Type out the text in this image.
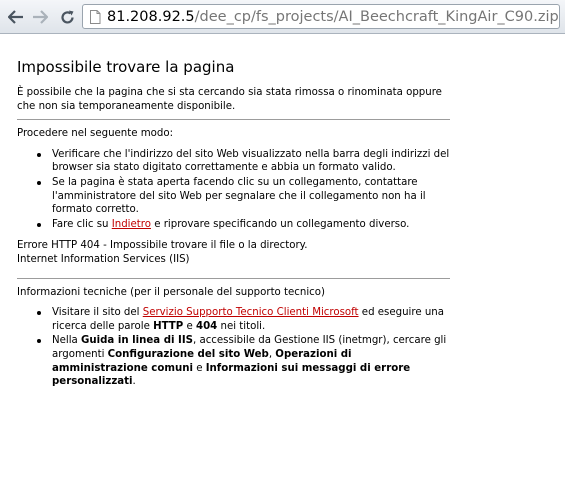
81.208.92.5 /dee_cp/fs_projects/AI_Beechcraft_KingAir_C90.zip
Impossibile trovare la pagina

È possibile che la pagina che si sta cercando sia stata rimossa o rinominata oppure che non sia temporaneamente disponibile.

Procedere nel seguente modo:

Verificare che l'indirizzo del sito Web visualizzato nella barra degli indirizzi del browser sia stato digitato correttamente e abbia un formato valido.
Se la pagina è stata aperta facendo clic su un collegamento, contattare l'amministratore del sito Web per segnalare che il collegamento non ha il formato corretto.
Fare clic su Indietro e riprovare specificando un collegamento diverso.

Errore HTTP 404 - Impossibile trovare il file o la directory.

Internet Information Services (IIS)

Informazioni tecniche (per il personale del supporto tecnico)

Visitare il sito del Servizio Supporto Tecnico Clienti Microsoft ed eseguire una ricerca delle parole HTTP e 404 nei titoli.
Nella Guida in linea di IIS, accessibile da Gestione IIS (inetmgr), cercare gli argomenti Configurazione del sito Web, Operazioni di amministrazione comuni e Informazioni sui messaggi di errore personalizzati.
